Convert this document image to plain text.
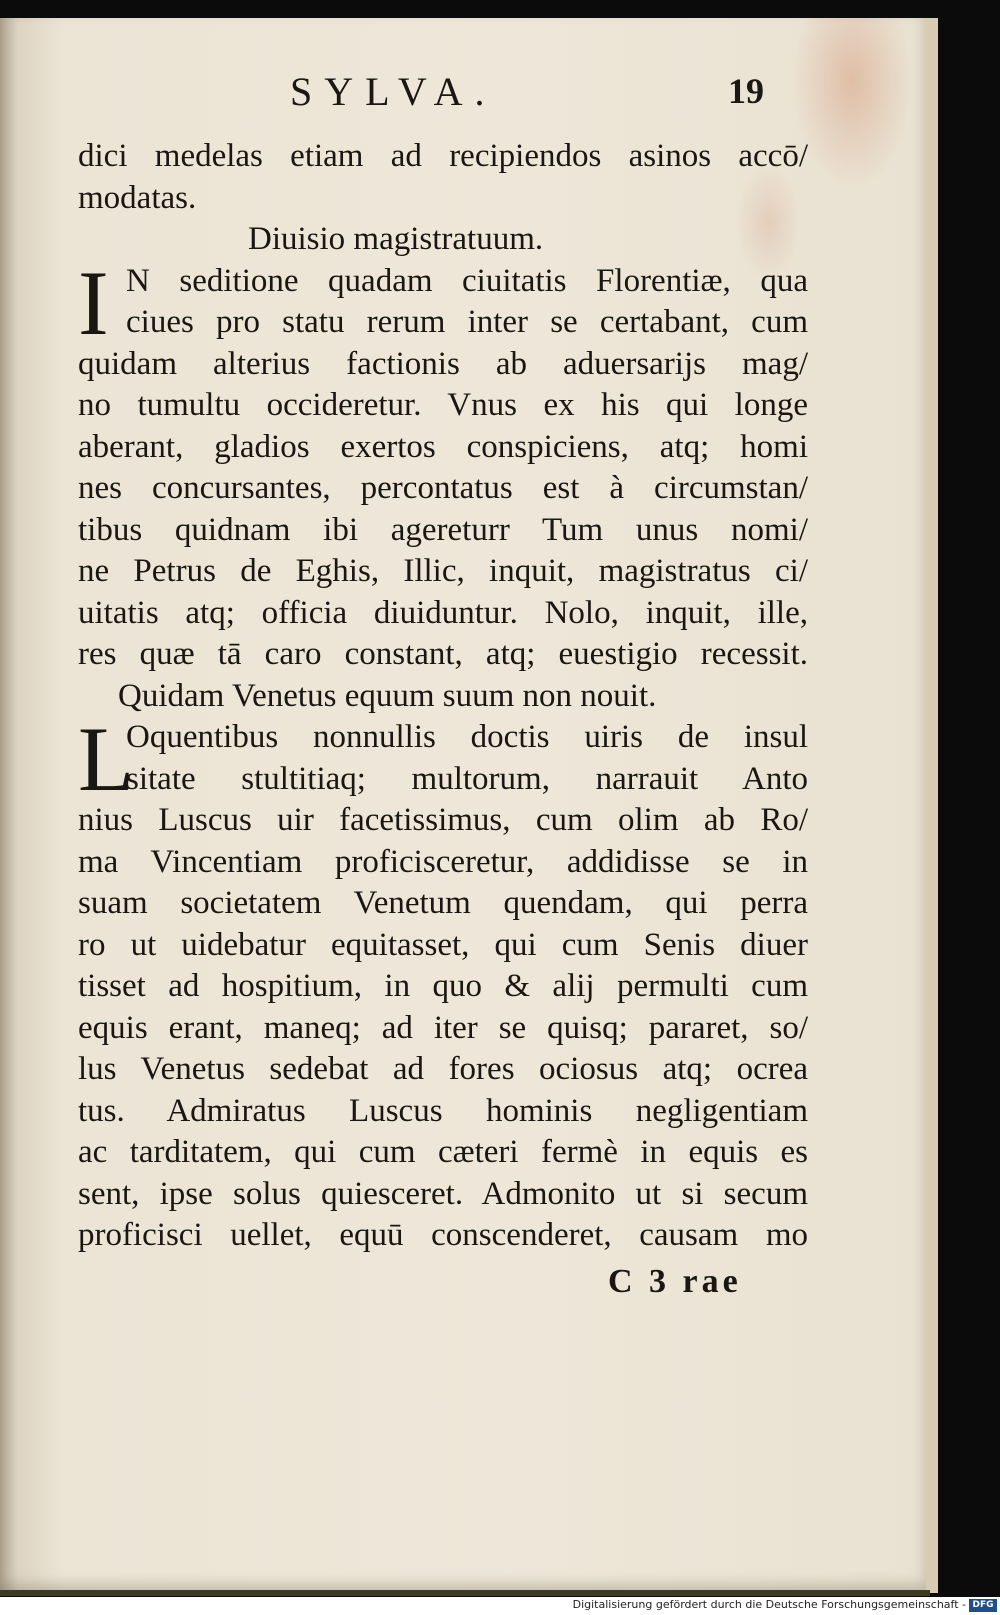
SYLVA.	19
dici medelas etiam ad recipiendos asinos accō/
modatas.
Diuisio magistratuum.
I N seditione quadam ciuitatis Florentiæ, qua
ciues pro statu rerum inter se certabant, cum
quidam alterius factionis ab aduersarijs mag/
no tumultu occideretur. Vnus ex his qui longe
aberant, gladios exertos conspiciens, atq; homi
nes concursantes, percontatus est à circumstan/
tibus quidnam ibi agereturr Tum unus nomi/
ne Petrus de Eghis, Illic, inquit, magistratus ci/
uitatis atq; officia diuiduntur. Nolo, inquit, ille,
res quæ tā caro constant, atq; euestigio recessit.
Quidam Venetus equum suum non nouit.
L
Oquentibus nonnullis doctis uiris de insul
sitate stultitiaq; multorum, narrauit Anto
nius Luscus uir facetissimus, cum olim ab Ro/
ma Vincentiam proficisceretur, addidisse se in
suam societatem Venetum quendam, qui perra
ro ut uidebatur equitasset, qui cum Senis diuer
tisset ad hospitium, in quo & alij permulti cum
equis erant, maneq; ad iter se quisq; pararet, so/
lus Venetus sedebat ad fores ociosus atq; ocrea
tus. Admiratus Luscus hominis negligentiam
ac tarditatem, qui cum cæteri fermè in equis es
sent, ipse solus quiesceret. Admonito ut si secum
proficisci uellet, equū conscenderet, causam mo
C 3 rae
Digitalisierung gefördert durch die Deutsche Forschungsgemeinschaft - DFG
